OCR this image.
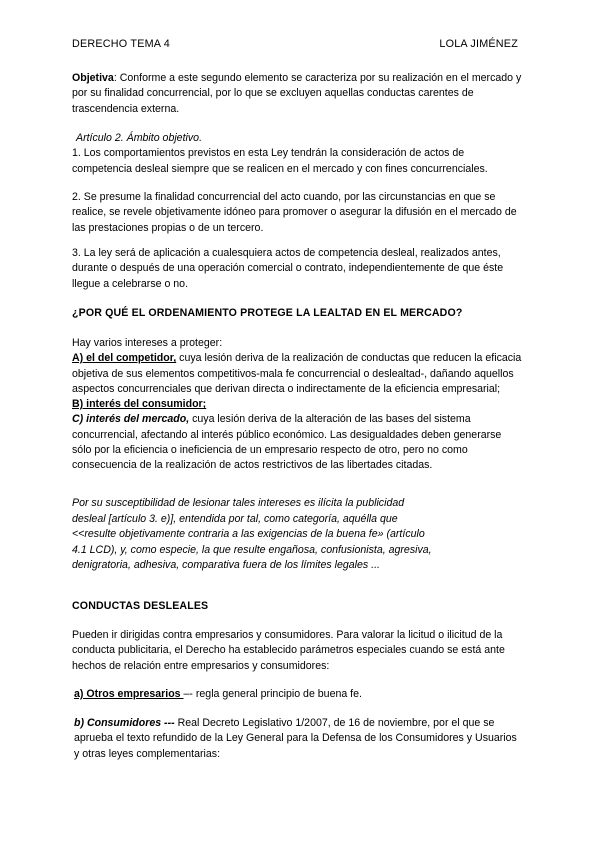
DERECHO TEMA 4	LOLA JIMÉNEZ

Objetiva: Conforme a este segundo elemento se caracteriza por su realización en el mercado y por su finalidad concurrencial, por lo que se excluyen aquellas conductas carentes de trascendencia externa.

Artículo 2. Ámbito objetivo.

1. Los comportamientos previstos en esta Ley tendrán la consideración de actos de competencia desleal siempre que se realicen en el mercado y con fines concurrenciales.

2. Se presume la finalidad concurrencial del acto cuando, por las circunstancias en que se realice, se revele objetivamente idóneo para promover o asegurar la difusión en el mercado de las prestaciones propias o de un tercero.

3. La ley será de aplicación a cualesquiera actos de competencia desleal, realizados antes, durante o después de una operación comercial o contrato, independientemente de que éste llegue a celebrarse o no.

¿POR QUÉ EL ORDENAMIENTO PROTEGE LA LEALTAD EN EL MERCADO?

Hay varios intereses a proteger:

A) el del competidor, cuya lesión deriva de la realización de conductas que reducen la eficacia objetiva de sus elementos competitivos-mala fe concurrencial o deslealtad-, dañando aquellos aspectos concurrenciales que derivan directa o indirectamente de la eficiencia empresarial;

B) interés del consumidor;

C) interés del mercado, cuya lesión deriva de la alteración de las bases del sistema concurrencial, afectando al interés público económico. Las desigualdades deben generarse sólo por la eficiencia o ineficiencia de un empresario respecto de otro, pero no como consecuencia de la realización de actos restrictivos de las libertades citadas.

Por su susceptibilidad de lesionar tales intereses es ilícita la publicidad desleal [artículo 3. e)], entendida por tal, como categoría, aquélla que <<resulte objetivamente contraria a las exigencias de la buena fe» (artículo 4.1 LCD), y, como especie, la que resulte engañosa, confusionista, agresiva, denigratoria, adhesiva, comparativa fuera de los límites legales ...

CONDUCTAS DESLEALES

Pueden ir dirigidas contra empresarios y consumidores. Para valorar la licitud o ilicitud de la conducta publicitaria, el Derecho ha establecido parámetros especiales cuando se está ante hechos de relación entre empresarios y consumidores:

a) Otros empresarios –- regla general principio de buena fe.

b) Consumidores --- Real Decreto Legislativo 1/2007, de 16 de noviembre, por el que se aprueba el texto refundido de la Ley General para la Defensa de los Consumidores y Usuarios y otras leyes complementarias:
